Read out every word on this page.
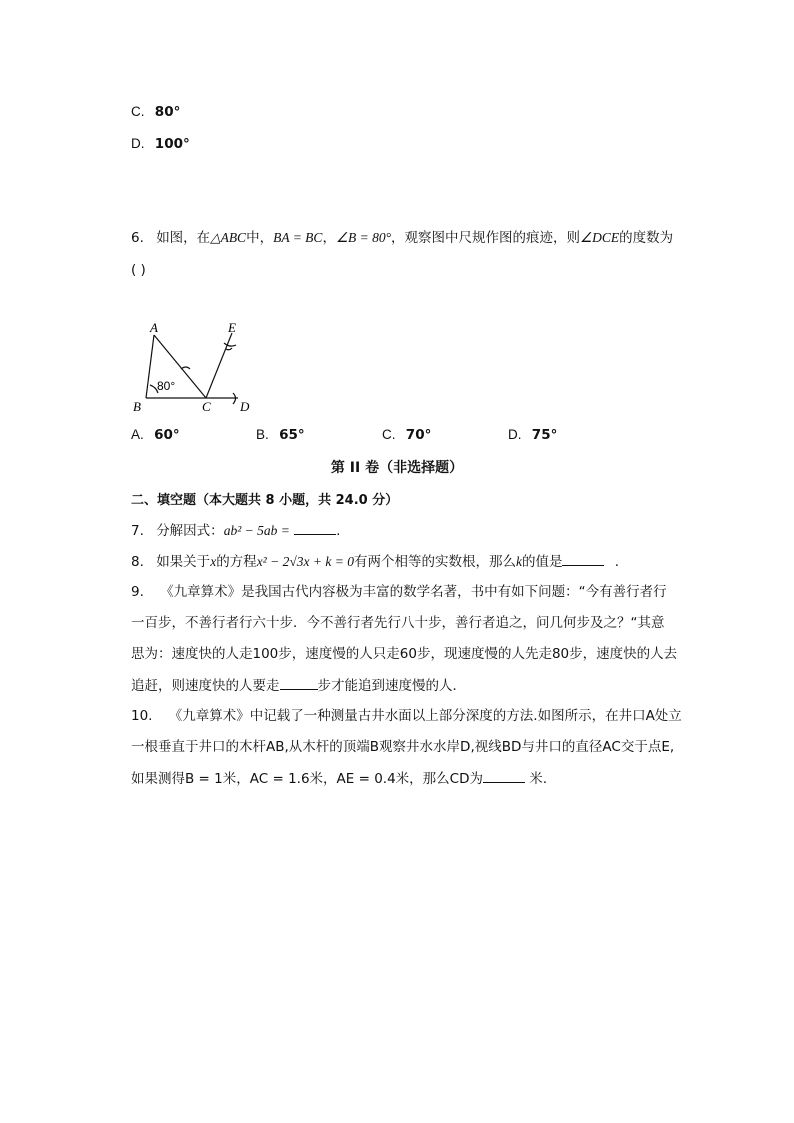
C. 80°
D. 100°
6. 如图，在△ABC中，BA = BC，∠B = 80°，观察图中尺规作图的痕迹，则∠DCE的度数为
( )
A
B	C D
E
80°
A. 60°	B. 65°	C. 70°	D. 75°
第 II 卷（非选择题）
二、填空题（本大题共 8 小题，共 24.0 分）
7. 分解因式：ab² − 5ab =	.
8. 如果关于x的方程x² − 2√3x + k = 0有两个相等的实数根，那么k的值是	.
9. 《九章算术》是我国古代内容极为丰富的数学名著，书中有如下问题：“今有善行者行
一百步，不善行者行六十步．今不善行者先行八十步，善行者追之，问几何步及之？“其意
思为：速度快的人走100步，速度慢的人只走60步，现速度慢的人先走80步，速度快的人去
追赶，则速度快的人要走	步才能追到速度慢的人．
10. 《九章算术》中记载了一种测量古井水面以上部分深度的方法.如图所示，在井口A处立
一根垂直于井口的木杆AB,从木杆的顶端B观察井水水岸D,视线BD与井口的直径AC交于点E,
如果测得B = 1米，AC = 1.6米，AE = 0.4米，那么CD为	米.
